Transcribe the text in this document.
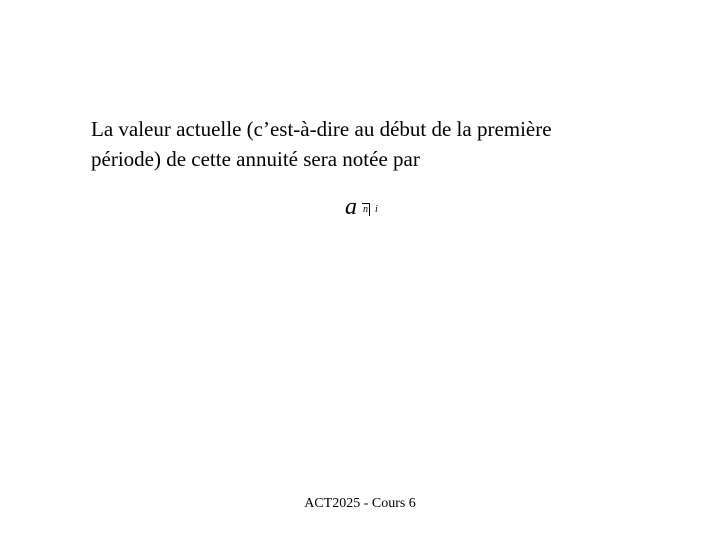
La valeur actuelle (c’est-à-dire au début de la première
période) de cette annuité sera notée par

a n i
ACT2025 - Cours 6
